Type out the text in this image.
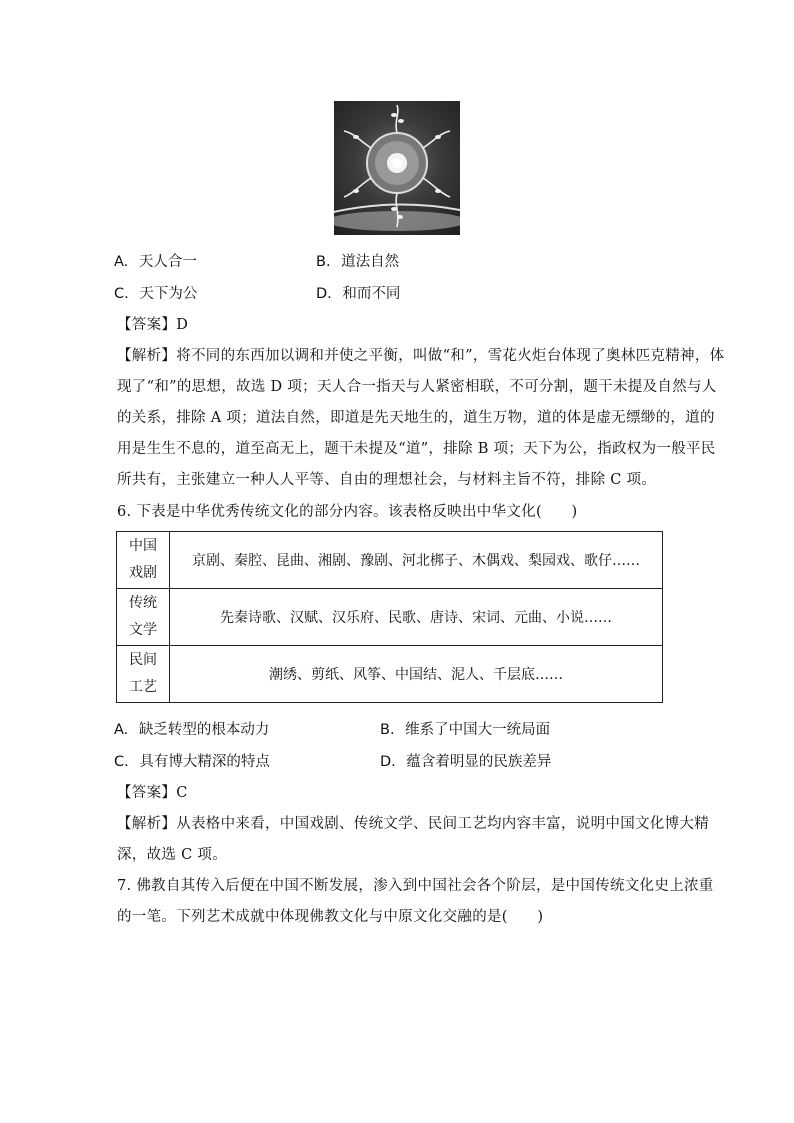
A. 天人合一	B. 道法自然
C. 天下为公	D. 和而不同
【答案】D
【解析】将不同的东西加以调和并使之平衡，叫做“和”，雪花火炬台体现了奥林匹克精神，体
现了“和”的思想，故选 D 项；天人合一指天与人紧密相联，不可分割，题干未提及自然与人
的关系，排除 A 项；道法自然，即道是先天地生的，道生万物，道的体是虚无缥缈的，道的
用是生生不息的，道至高无上，题干未提及“道”，排除 B 项；天下为公，指政权为一般平民
所共有，主张建立一种人人平等、自由的理想社会，与材料主旨不符，排除 C 项。
6. 下表是中华优秀传统文化的部分内容。该表格反映出中华文化(　　)
中国
戏剧	京剧、秦腔、昆曲、湘剧、豫剧、河北梆子、木偶戏、梨园戏、歌仔……

传统
文学	先秦诗歌、汉赋、汉乐府、民歌、唐诗、宋词、元曲、小说……

民间
工艺	潮绣、剪纸、风筝、中国结、泥人、千层底……
A. 缺乏转型的根本动力	B. 维系了中国大一统局面
C. 具有博大精深的特点	D. 蕴含着明显的民族差异
【答案】C
【解析】从表格中来看，中国戏剧、传统文学、民间工艺均内容丰富，说明中国文化博大精
深，故选 C 项。
7. 佛教自其传入后便在中国不断发展，渗入到中国社会各个阶层，是中国传统文化史上浓重
的一笔。下列艺术成就中体现佛教文化与中原文化交融的是(　　)
